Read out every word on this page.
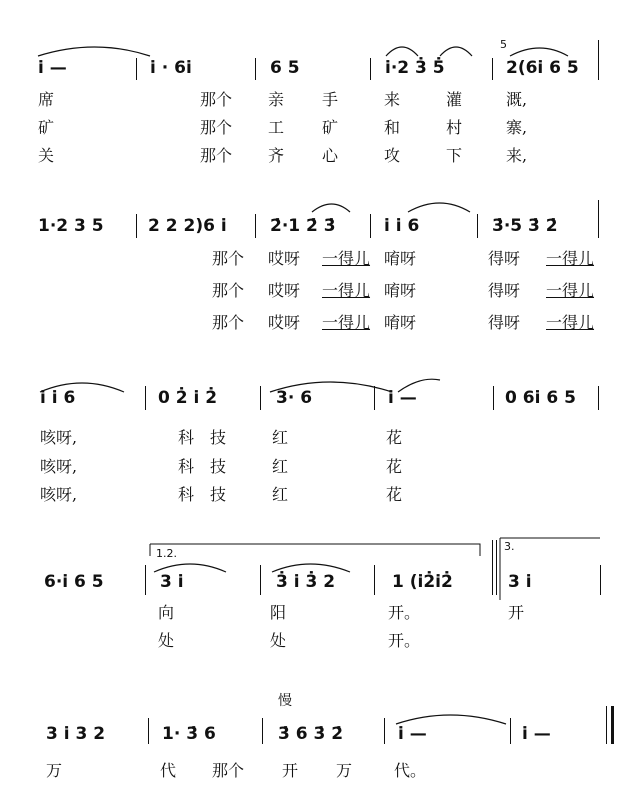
5
i̇ —	i̇ · 6i̇	6 5	i̇·2 3̇ 5̇	2(6i̇ 6 5
席	那个 亲 手	来	灌	溉,
矿	那个 工 矿	和	村	寨,
关	那个 齐 心	攻	下	来,
1·2 3 5	2 2 2)6 i̇	2̇·1 2̇ 3̇	i̇ i̇ 6	3̇·5 3̇ 2̇
那个 哎呀 一得儿 唷呀	得呀 一得儿
那个 哎呀 一得儿 唷呀	得呀 一得儿
那个 哎呀 一得儿 唷呀	得呀 一得儿
i̇ i̇ 6	0 2̇ i̇ 2̇	3· 6	i̇ —	0 6i̇ 6 5
咳呀,	科 技	红	花
咳呀,	科 技	红	花
咳呀,	科 技	红	花
1.2.
3.
6·i̇ 6 5	3 i̇	3̇ i̇ 3̇ 2	1 (i̇2̇i̇2̇	3 i̇
向	阳	开。	开
处	处	开。
慢
3 i̇ 3 2	1· 3̇ 6	3̇ 6 3̇ 2̇	i̇ —	i̇ —
万	代 那个 开 万	代。
